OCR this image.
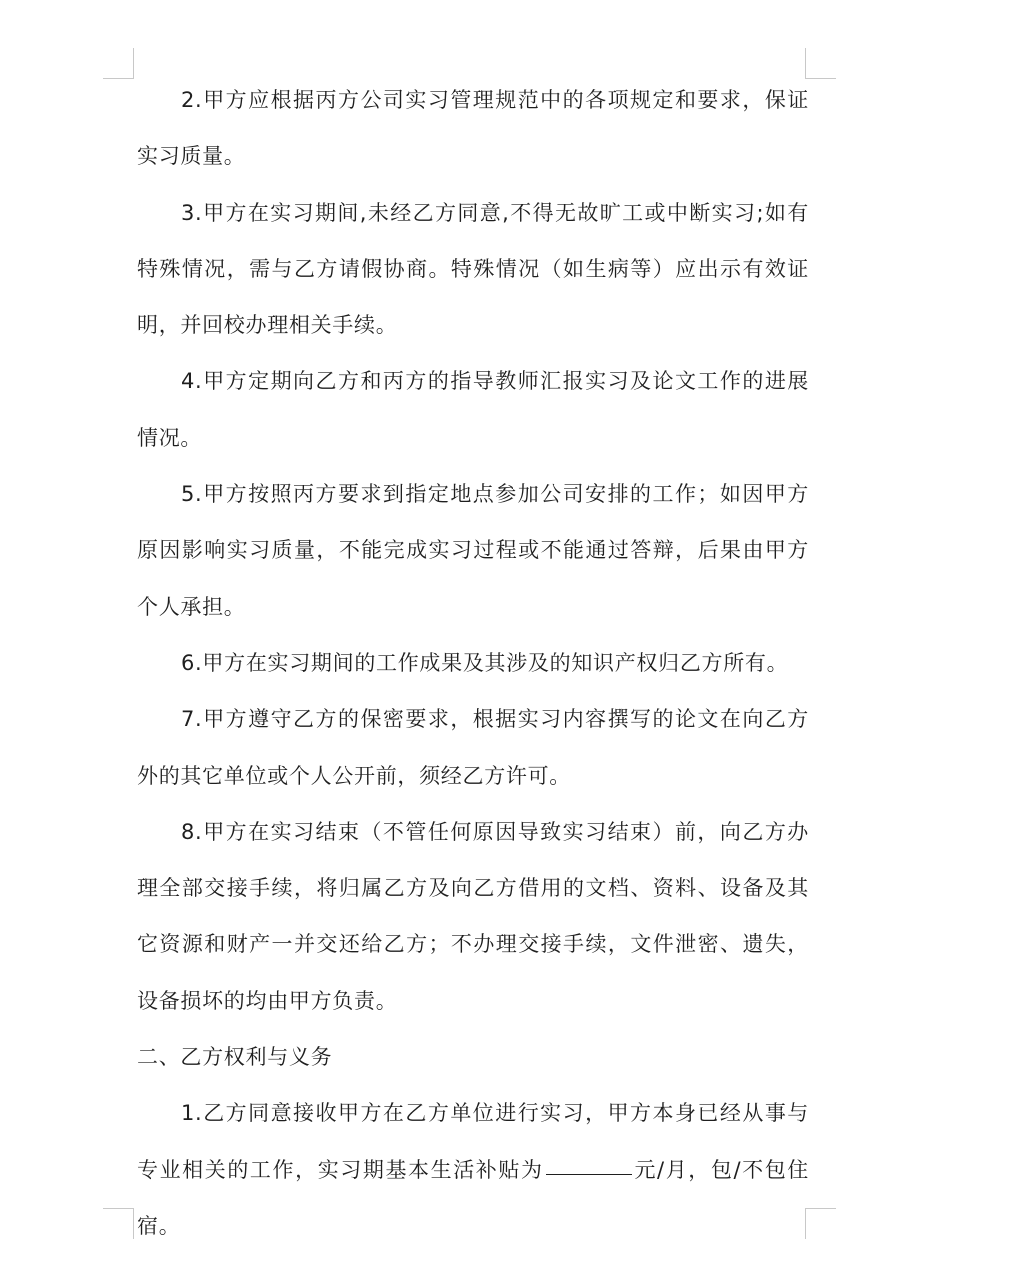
2.甲方应根据丙方公司实习管理规范中的各项规定和要求，保证实习质量。

3.甲方在实习期间,未经乙方同意,不得无故旷工或中断实习;如有特殊情况，需与乙方请假协商。特殊情况（如生病等）应出示有效证明，并回校办理相关手续。

4.甲方定期向乙方和丙方的指导教师汇报实习及论文工作的进展情况。

5.甲方按照丙方要求到指定地点参加公司安排的工作；如因甲方原因影响实习质量，不能完成实习过程或不能通过答辩，后果由甲方个人承担。

6.甲方在实习期间的工作成果及其涉及的知识产权归乙方所有。

7.甲方遵守乙方的保密要求，根据实习内容撰写的论文在向乙方外的其它单位或个人公开前，须经乙方许可。

8.甲方在实习结束（不管任何原因导致实习结束）前，向乙方办理全部交接手续，将归属乙方及向乙方借用的文档、资料、设备及其它资源和财产一并交还给乙方；不办理交接手续，文件泄密、遗失，设备损坏的均由甲方负责。

二、乙方权利与义务

1.乙方同意接收甲方在乙方单位进行实习，甲方本身已经从事与专业相关的工作，实习期基本生活补贴为	元/月，包/不包住宿。
